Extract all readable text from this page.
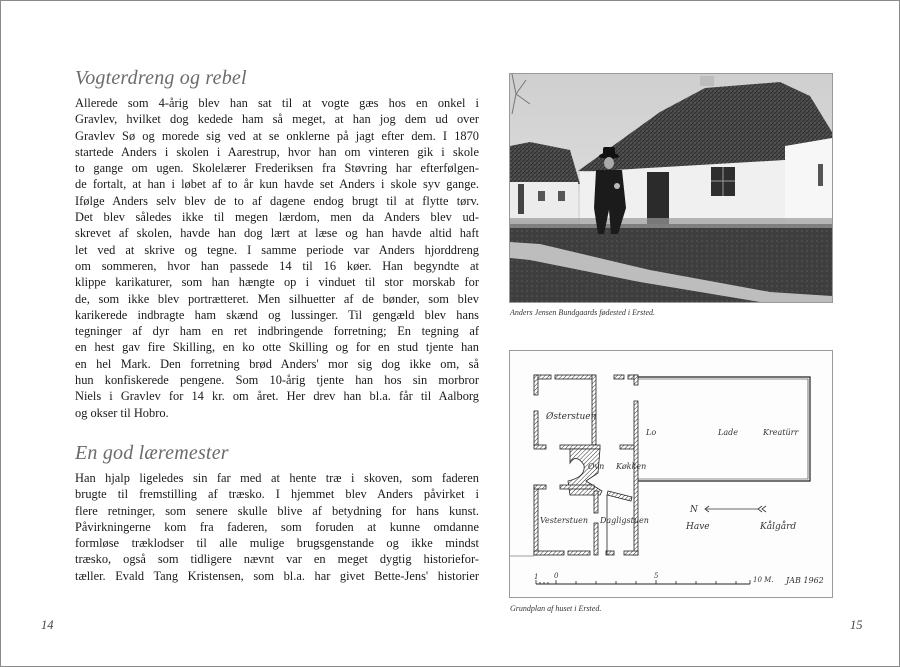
Vogterdreng og rebel
Allerede som 4-årig blev han sat til at vogte gæs hos en onkel i
Gravlev, hvilket dog kedede ham så meget, at han jog dem ud over
Gravlev Sø og morede sig ved at se onklerne på jagt efter dem. I 1870
startede Anders i skolen i Aarestrup, hvor han om vinteren gik i skole
to gange om ugen. Skolelærer Frederiksen fra Støvring har efterfølgen-
de fortalt, at han i løbet af to år kun havde set Anders i skole syv gange.
Ifølge Anders selv blev de to af dagene endog brugt til at flytte tørv.
Det blev således ikke til megen lærdom, men da Anders blev ud-
skrevet af skolen, havde han dog lært at læse og han havde altid haft
let ved at skrive og tegne. I samme periode var Anders hjorddreng
om sommeren, hvor han passede 14 til 16 køer. Han begyndte at
klippe karikaturer, som han hængte op i vinduet til stor morskab for
de, som ikke blev portrætteret. Men silhuetter af de bønder, som blev
karikerede indbragte ham skænd og lussinger. Til gengæld blev hans
tegninger af dyr ham en ret indbringende forretning; En tegning af
en hest gav fire Skilling, en ko otte Skilling og for en stud tjente han
en hel Mark. Den forretning brød Anders' mor sig dog ikke om, så
hun konfiskerede pengene. Som 10-årig tjente han hos sin morbror
Niels i Gravlev for 14 kr. om året. Her drev han bl.a. får til Aalborg
og okser til Hobro.
En god læremester
Han hjalp ligeledes sin far med at hente træ i skoven, som faderen
brugte til fremstilling af træsko. I hjemmet blev Anders påvirket i
flere retninger, som senere skulle blive af betydning for hans kunst.
Påvirkningerne kom fra faderen, som foruden at kunne omdanne
formløse træklodser til alle mulige brugsgenstande og ikke mindst
træsko, også som tidligere nævnt var en meget dygtig historiefor-
tæller. Evald Tang Kristensen, som bl.a. har givet Bette-Jens' historier
14
Anders Jensen Bundgaards fødested i Ersted.
Østerstuen
Lo	Lade	Kreatürr
Ovn Køkken
Vesterstuen Dagligstuen
N
Have	Kålgård
1 0	5	10 M. JAB 1962
Grundplan af huset i Ersted.
15
